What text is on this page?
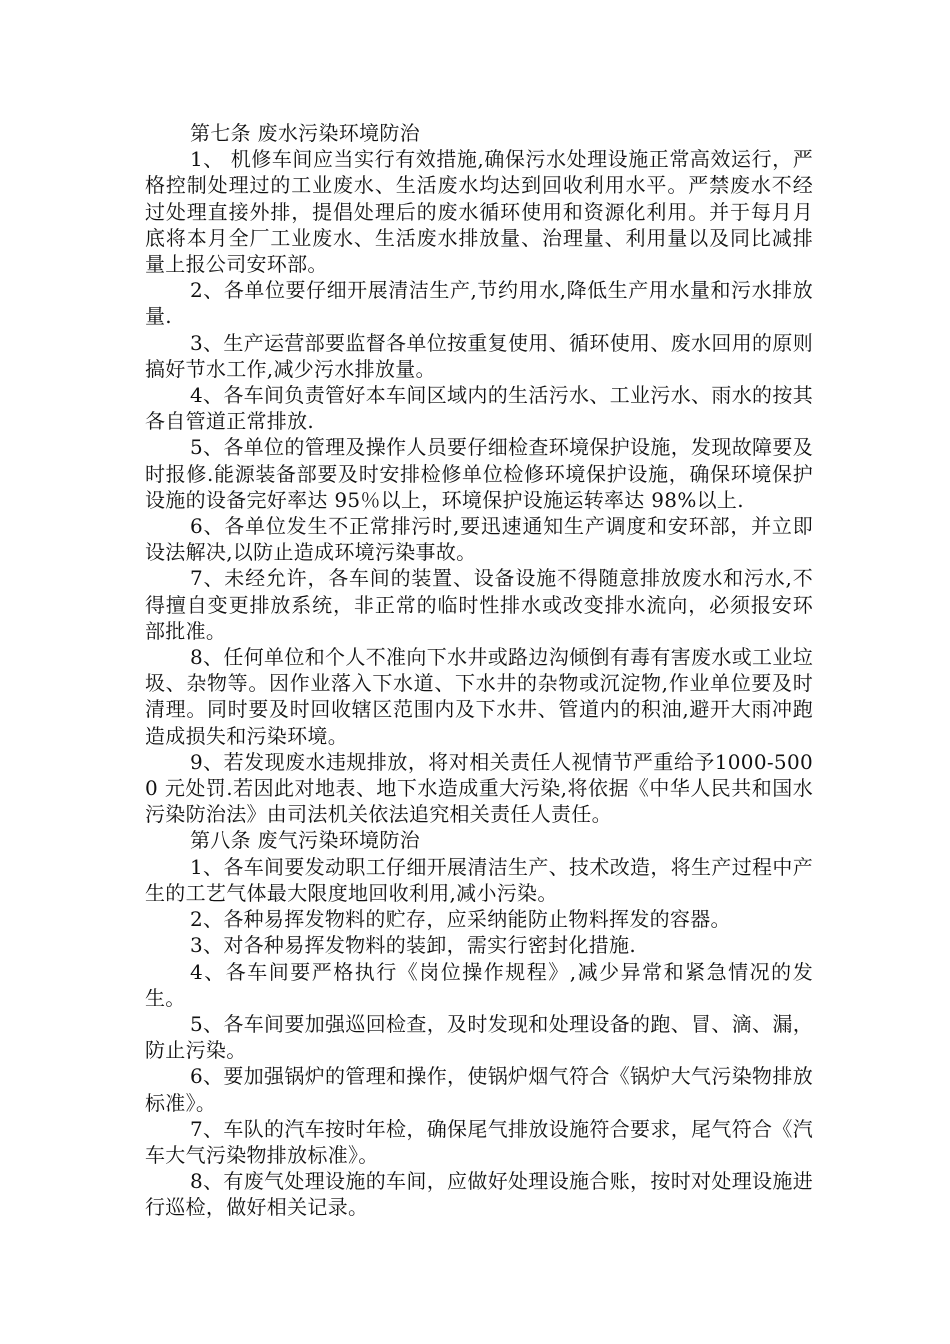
第七条 废水污染环境防治

1、 机修车间应当实行有效措施,确保污水处理设施正常高效运行，严格控制处理过的工业废水、生活废水均达到回收利用水平。严禁废水不经过处理直接外排，提倡处理后的废水循环使用和资源化利用。并于每月月底将本月全厂工业废水、生活废水排放量、治理量、利用量以及同比减排量上报公司安环部。

2、各单位要仔细开展清洁生产,节约用水,降低生产用水量和污水排放量.

3、生产运营部要监督各单位按重复使用、循环使用、废水回用的原则搞好节水工作,减少污水排放量。

4、各车间负责管好本车间区域内的生活污水、工业污水、雨水的按其各自管道正常排放.

5、各单位的管理及操作人员要仔细检查环境保护设施，发现故障要及时报修.能源装备部要及时安排检修单位检修环境保护设施，确保环境保护设施的设备完好率达 95％以上，环境保护设施运转率达 98%以上.

6、各单位发生不正常排污时,要迅速通知生产调度和安环部，并立即设法解决,以防止造成环境污染事故。

7、未经允许，各车间的装置、设备设施不得随意排放废水和污水,不得擅自变更排放系统，非正常的临时性排水或改变排水流向，必须报安环部批准。

8、任何单位和个人不准向下水井或路边沟倾倒有毒有害废水或工业垃圾、杂物等。因作业落入下水道、下水井的杂物或沉淀物,作业单位要及时清理。同时要及时回收辖区范围内及下水井、管道内的积油,避开大雨冲跑造成损失和污染环境。

9、若发现废水违规排放，将对相关责任人视情节严重给予1000-5000 元处罚.若因此对地表、地下水造成重大污染,将依据《中华人民共和国水污染防治法》由司法机关依法追究相关责任人责任。

第八条 废气污染环境防治

1、各车间要发动职工仔细开展清洁生产、技术改造，将生产过程中产生的工艺气体最大限度地回收利用,减小污染。

2、各种易挥发物料的贮存，应采纳能防止物料挥发的容器。

3、对各种易挥发物料的装卸，需实行密封化措施.

4、各车间要严格执行《岗位操作规程》,减少异常和紧急情况的发生。

5、各车间要加强巡回检查，及时发现和处理设备的跑、冒、滴、漏，防止污染。

6、要加强锅炉的管理和操作，使锅炉烟气符合《锅炉大气污染物排放标准》。

7、车队的汽车按时年检，确保尾气排放设施符合要求，尾气符合《汽车大气污染物排放标准》。

8、有废气处理设施的车间，应做好处理设施合账，按时对处理设施进行巡检，做好相关记录。
